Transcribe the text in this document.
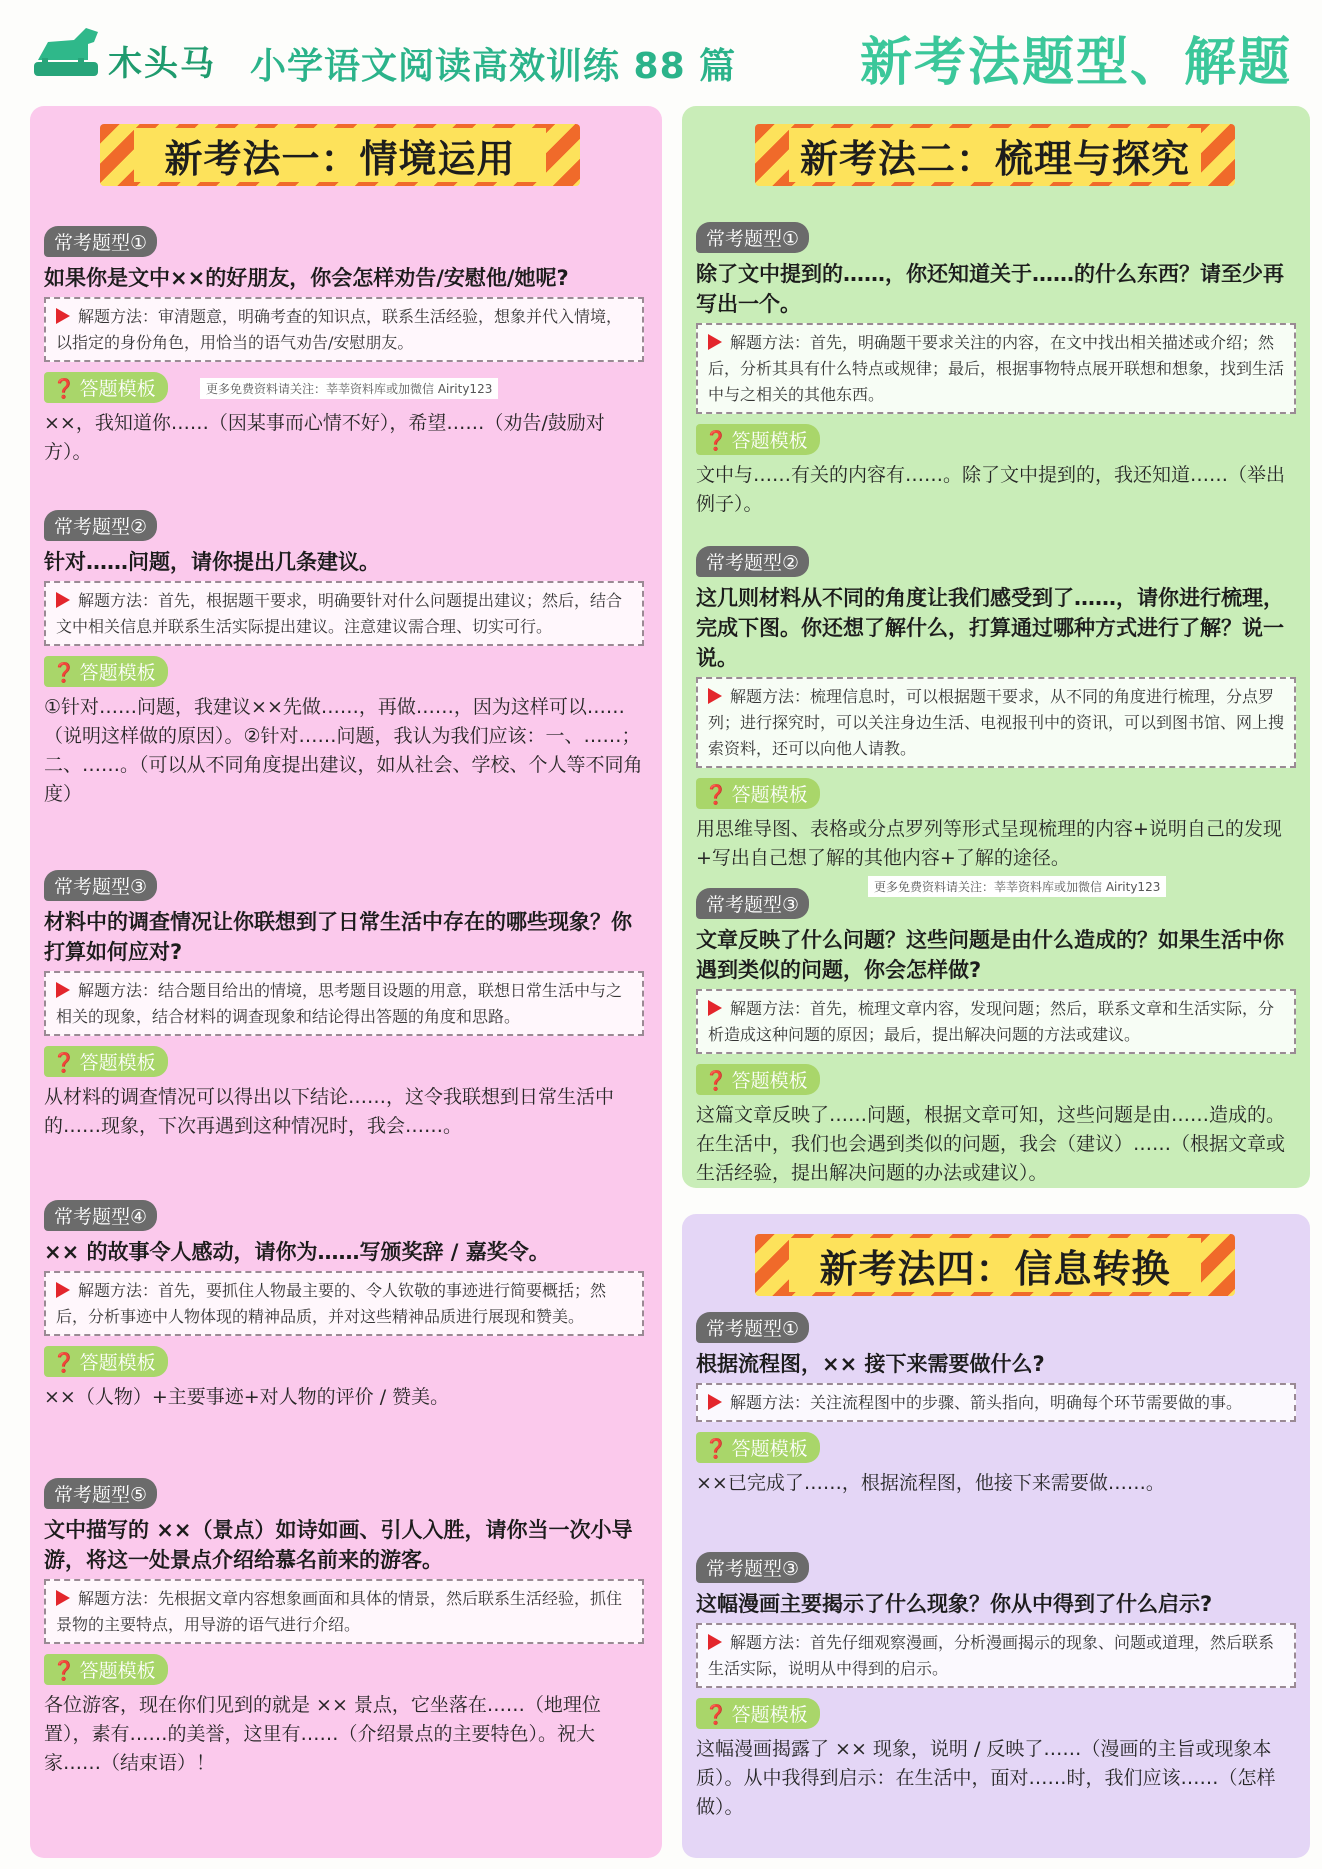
木头马 小学语文阅读高效训练 88 篇 新考法题型、解题
新考法一：情境运用	新考法二：梳理与探究
新考法四：信息转换
常考题型①

如果你是文中××的好朋友，你会怎样劝告/安慰他/她呢?

解题方法：审清题意，明确考查的知识点，联系生活经验，想象并代入情境，以指定的身份角色，用恰当的语气劝告/安慰朋友。
❓ 答题模板
××，我知道你……（因某事而心情不好），希望……（劝告/鼓励对方）。
常考题型②

针对……问题，请你提出几条建议。

解题方法：首先，根据题干要求，明确要针对什么问题提出建议；然后，结合文中相关信息并联系生活实际提出建议。注意建议需合理、切实可行。
❓ 答题模板
①针对……问题，我建议××先做……，再做……，因为这样可以……（说明这样做的原因）。②针对……问题，我认为我们应该：一、……；二、……。（可以从不同角度提出建议，如从社会、学校、个人等不同角度）
常考题型③

材料中的调查情况让你联想到了日常生活中存在的哪些现象？你打算如何应对?

解题方法：结合题目给出的情境，思考题目设题的用意，联想日常生活中与之相关的现象，结合材料的调查现象和结论得出答题的角度和思路。
❓ 答题模板
从材料的调查情况可以得出以下结论……，这令我联想到日常生活中的……现象，下次再遇到这种情况时，我会……。
常考题型④

×× 的故事令人感动，请你为……写颁奖辞 / 嘉奖令。

解题方法：首先，要抓住人物最主要的、令人钦敬的事迹进行简要概括；然后，分析事迹中人物体现的精神品质，并对这些精神品质进行展现和赞美。
❓ 答题模板
××（人物）+主要事迹+对人物的评价 / 赞美。
常考题型⑤

文中描写的 ××（景点）如诗如画、引人入胜，请你当一次小导游，将这一处景点介绍给慕名前来的游客。

解题方法：先根据文章内容想象画面和具体的情景，然后联系生活经验，抓住景物的主要特点，用导游的语气进行介绍。
❓ 答题模板
各位游客，现在你们见到的就是 ×× 景点，它坐落在……（地理位置），素有……的美誉，这里有……（介绍景点的主要特色）。祝大家……（结束语）！
常考题型①

除了文中提到的……，你还知道关于……的什么东西？请至少再写出一个。

解题方法：首先，明确题干要求关注的内容，在文中找出相关描述或介绍；然后，分析其具有什么特点或规律；最后，根据事物特点展开联想和想象，找到生活中与之相关的其他东西。
❓ 答题模板
文中与……有关的内容有……。除了文中提到的，我还知道……（举出例子）。
常考题型②

这几则材料从不同的角度让我们感受到了……，请你进行梳理，完成下图。你还想了解什么，打算通过哪种方式进行了解？说一说。

解题方法：梳理信息时，可以根据题干要求，从不同的角度进行梳理，分点罗列；进行探究时，可以关注身边生活、电视报刊中的资讯，可以到图书馆、网上搜索资料，还可以向他人请教。
❓ 答题模板
用思维导图、表格或分点罗列等形式呈现梳理的内容+说明自己的发现+写出自己想了解的其他内容+了解的途径。
常考题型③

文章反映了什么问题？这些问题是由什么造成的？如果生活中你遇到类似的问题，你会怎样做?

解题方法：首先，梳理文章内容，发现问题；然后，联系文章和生活实际，分析造成这种问题的原因；最后，提出解决问题的方法或建议。
❓ 答题模板
这篇文章反映了……问题，根据文章可知，这些问题是由……造成的。在生活中，我们也会遇到类似的问题，我会（建议）……（根据文章或生活经验，提出解决问题的办法或建议）。
常考题型①

根据流程图，×× 接下来需要做什么?

解题方法：关注流程图中的步骤、箭头指向，明确每个环节需要做的事。
❓ 答题模板
××已完成了……，根据流程图，他接下来需要做……。
常考题型③

这幅漫画主要揭示了什么现象？你从中得到了什么启示?

解题方法：首先仔细观察漫画，分析漫画揭示的现象、问题或道理，然后联系生活实际，说明从中得到的启示。
❓ 答题模板
这幅漫画揭露了 ×× 现象，说明 / 反映了……（漫画的主旨或现象本质）。从中我得到启示：在生活中，面对……时，我们应该……（怎样做）。
更多免费资料请关注：莘莘资料库或加微信 Airity123
更多免费资料请关注：莘莘资料库或加微信 Airity123
